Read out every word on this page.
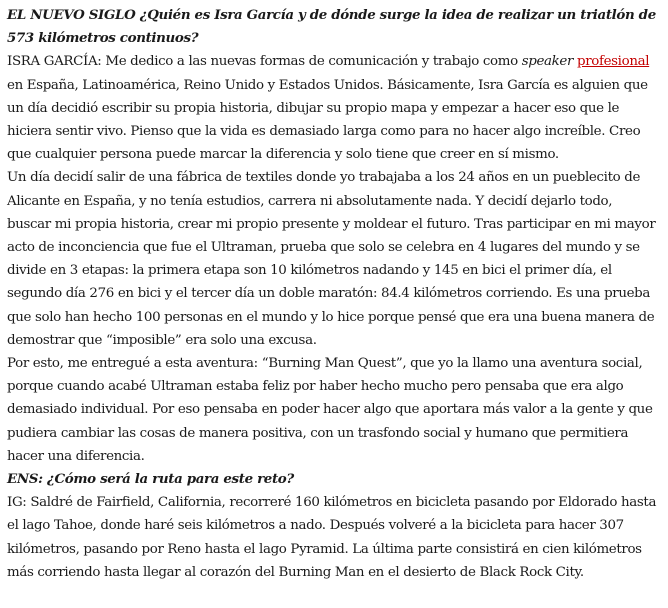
EL NUEVO SIGLO ¿Quién es Isra García y de dónde surge la idea de realizar un triatlón de 573 kilómetros continuos?

ISRA GARCÍA: Me dedico a las nuevas formas de comunicación y trabajo como speaker profesional en España, Latinoamérica, Reino Unido y Estados Unidos. Básicamente, Isra García es alguien que un día decidió escribir su propia historia, dibujar su propio mapa y empezar a hacer eso que le hiciera sentir vivo. Pienso que la vida es demasiado larga como para no hacer algo increíble. Creo que cualquier persona puede marcar la diferencia y solo tiene que creer en sí mismo.

Un día decidí salir de una fábrica de textiles donde yo trabajaba a los 24 años en un pueblecito de Alicante en España, y no tenía estudios, carrera ni absolutamente nada. Y decidí dejarlo todo, buscar mi propia historia, crear mi propio presente y moldear el futuro. Tras participar en mi mayor acto de inconciencia que fue el Ultraman, prueba que solo se celebra en 4 lugares del mundo y se divide en 3 etapas: la primera etapa son 10 kilómetros nadando y 145 en bici el primer día, el segundo día 276 en bici y el tercer día un doble maratón: 84.4 kilómetros corriendo. Es una prueba que solo han hecho 100 personas en el mundo y lo hice porque pensé que era una buena manera de demostrar que “imposible” era solo una excusa.

Por esto, me entregué a esta aventura: “Burning Man Quest”, que yo la llamo una aventura social, porque cuando acabé Ultraman estaba feliz por haber hecho mucho pero pensaba que era algo demasiado individual. Por eso pensaba en poder hacer algo que aportara más valor a la gente y que pudiera cambiar las cosas de manera positiva, con un trasfondo social y humano que permitiera hacer una diferencia.

ENS: ¿Cómo será la ruta para este reto?

IG: Saldré de Fairfield, California, recorreré 160 kilómetros en bicicleta pasando por Eldorado hasta el lago Tahoe, donde haré seis kilómetros a nado. Después volveré a la bicicleta para hacer 307 kilómetros, pasando por Reno hasta el lago Pyramid. La última parte consistirá en cien kilómetros más corriendo hasta llegar al corazón del Burning Man en el desierto de Black Rock City.
